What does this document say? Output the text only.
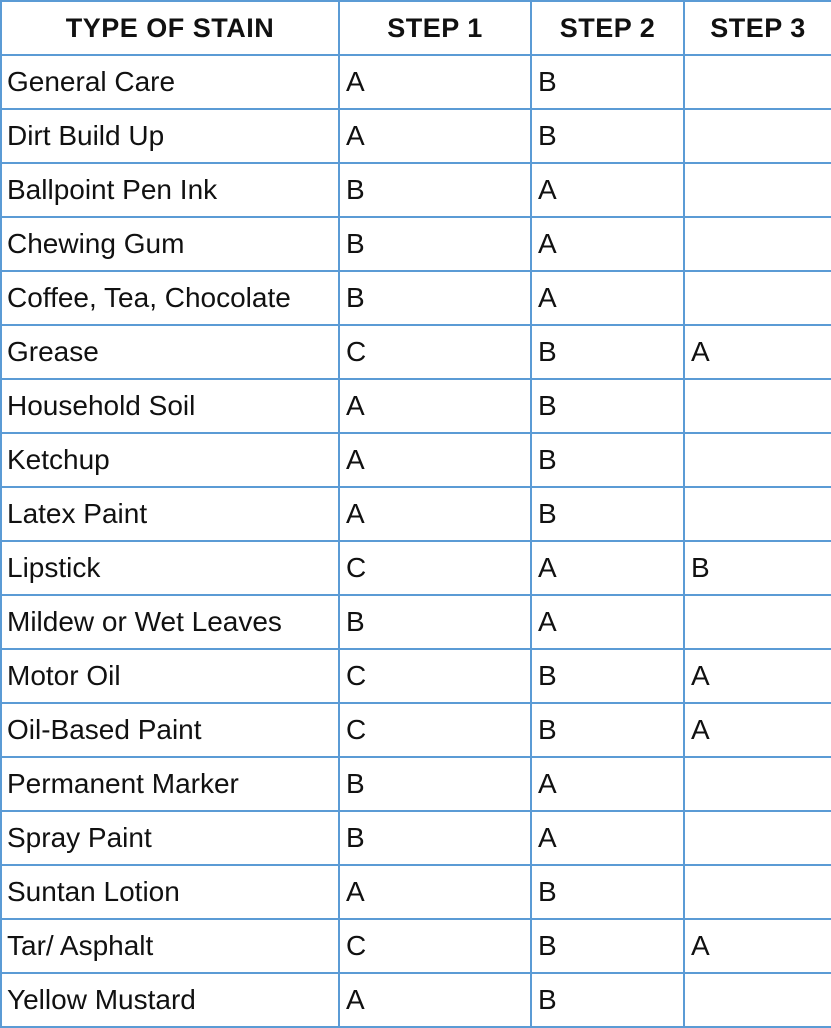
TYPE OF STAIN	STEP 1	STEP 2	STEP 3
General Care	A	B	
Dirt Build Up	A	B	
Ballpoint Pen Ink	B	A	
Chewing Gum	B	A	
Coffee, Tea, Chocolate	B	A	
Grease	C	B	A
Household Soil	A	B	
Ketchup	A	B	
Latex Paint	A	B	
Lipstick	C	A	B
Mildew or Wet Leaves	B	A	
Motor Oil	C	B	A
Oil-Based Paint	C	B	A
Permanent Marker	B	A	
Spray Paint	B	A	
Suntan Lotion	A	B	
Tar/ Asphalt	C	B	A
Yellow Mustard	A	B	
